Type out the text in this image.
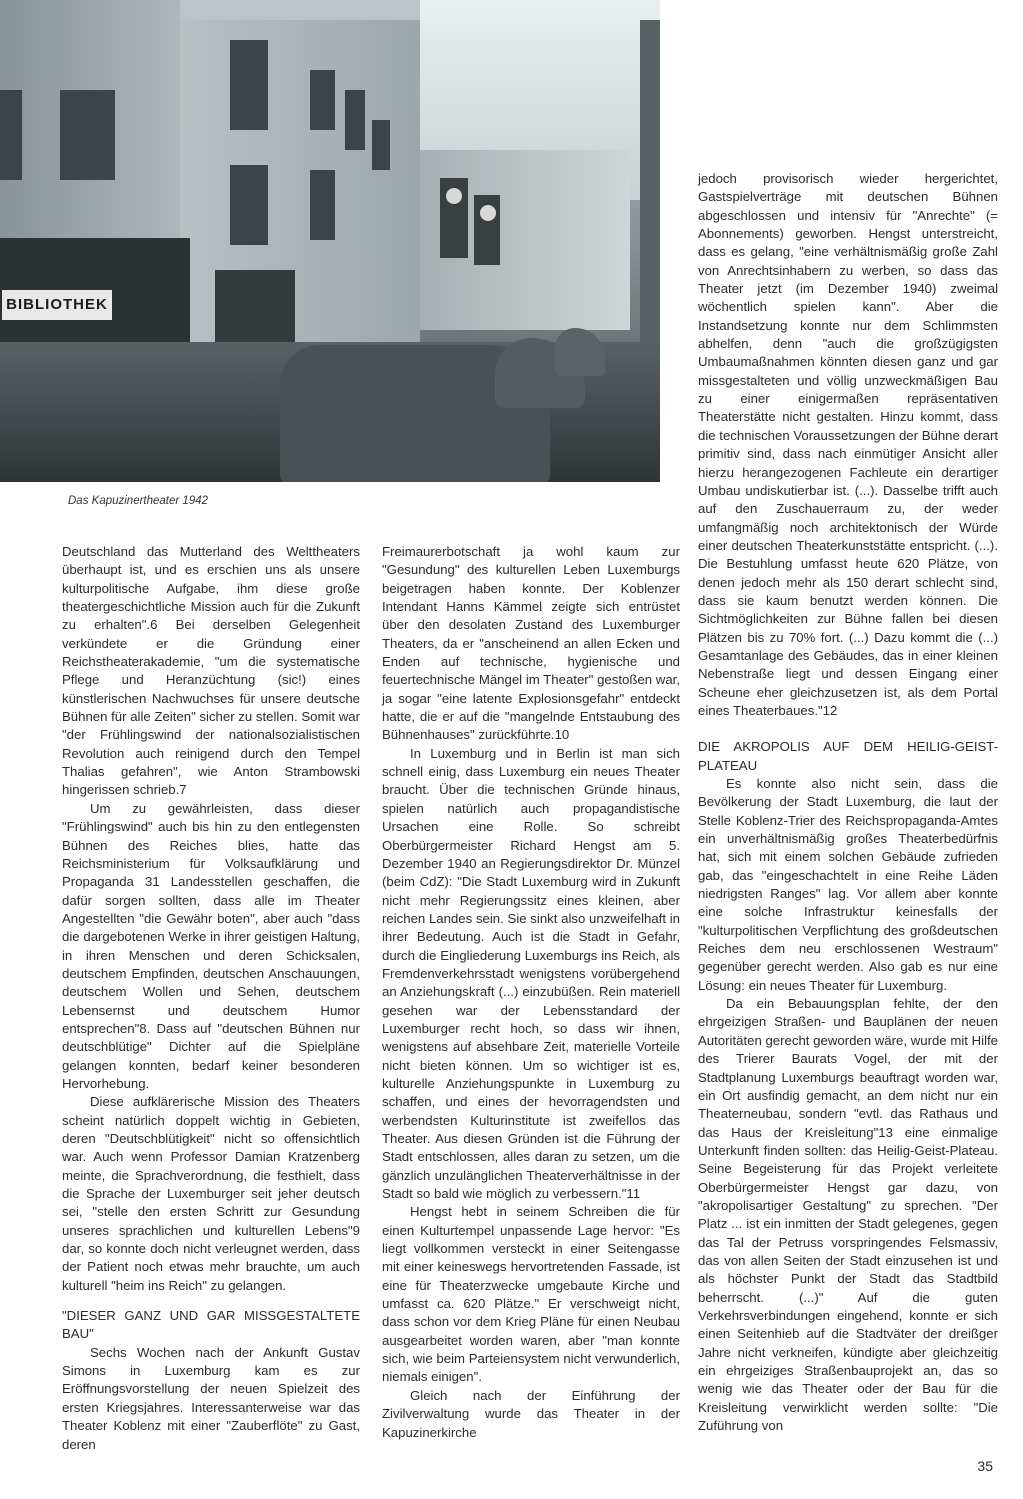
BIBLIOTHEK
Das Kapuzinertheater 1942

Deutschland das Mutterland des Welttheaters überhaupt ist, und es erschien uns als unsere kulturpolitische Aufgabe, ihm diese große theatergeschichtliche Mission auch für die Zukunft zu erhalten".6 Bei derselben Gelegenheit verkündete er die Gründung einer Reichstheaterakademie, "um die systematische Pflege und Heranzüchtung (sic!) eines künstlerischen Nachwuchses für unsere deutsche Bühnen für alle Zeiten" sicher zu stellen. Somit war "der Frühlingswind der nationalsozialistischen Revolution auch reinigend durch den Tempel Thalias gefahren", wie Anton Strambowski hingerissen schrieb.7

Um zu gewährleisten, dass dieser "Frühlingswind" auch bis hin zu den entlegensten Bühnen des Reiches blies, hatte das Reichsministerium für Volksaufklärung und Propaganda 31 Landesstellen geschaffen, die dafür sorgen sollten, dass alle im Theater Angestellten "die Gewähr boten", aber auch "dass die dargebotenen Werke in ihrer geistigen Haltung, in ihren Menschen und deren Schicksalen, deutschem Empfinden, deutschen Anschauungen, deutschem Wollen und Sehen, deutschem Lebensernst und deutschem Humor entsprechen"8. Dass auf "deutschen Bühnen nur deutschblütige" Dichter auf die Spielpläne gelangen konnten, bedarf keiner besonderen Hervorhebung.

Diese aufklärerische Mission des Theaters scheint natürlich doppelt wichtig in Gebieten, deren "Deutschblütigkeit" nicht so offensichtlich war. Auch wenn Professor Damian Kratzenberg meinte, die Sprachverordnung, die festhielt, dass die Sprache der Luxemburger seit jeher deutsch sei, "stelle den ersten Schritt zur Gesundung unseres sprachlichen und kulturellen Lebens"9 dar, so konnte doch nicht verleugnet werden, dass der Patient noch etwas mehr brauchte, um auch kulturell "heim ins Reich" zu gelangen.

"DIESER GANZ UND GAR MISSGESTALTETE BAU"

Sechs Wochen nach der Ankunft Gustav Simons in Luxemburg kam es zur Eröffnungsvorstellung der neuen Spielzeit des ersten Kriegsjahres. Interessanterweise war das Theater Koblenz mit einer "Zauberflöte" zu Gast, deren

Freimaurerbotschaft ja wohl kaum zur "Gesundung" des kulturellen Leben Luxemburgs beigetragen haben konnte. Der Koblenzer Intendant Hanns Kämmel zeigte sich entrüstet über den desolaten Zustand des Luxemburger Theaters, da er "anscheinend an allen Ecken und Enden auf technische, hygienische und feuertechnische Mängel im Theater" gestoßen war, ja sogar "eine latente Explosionsgefahr" entdeckt hatte, die er auf die "mangelnde Entstaubung des Bühnenhauses" zurückführte.10

In Luxemburg und in Berlin ist man sich schnell einig, dass Luxemburg ein neues Theater braucht. Über die technischen Gründe hinaus, spielen natürlich auch propagandistische Ursachen eine Rolle. So schreibt Oberbürgermeister Richard Hengst am 5. Dezember 1940 an Regierungsdirektor Dr. Münzel (beim CdZ): "Die Stadt Luxemburg wird in Zukunft nicht mehr Regierungssitz eines kleinen, aber reichen Landes sein. Sie sinkt also unzweifelhaft in ihrer Bedeutung. Auch ist die Stadt in Gefahr, durch die Eingliederung Luxemburgs ins Reich, als Fremdenverkehrsstadt wenigstens vorübergehend an Anziehungskraft (...) einzubüßen. Rein materiell gesehen war der Lebensstandard der Luxemburger recht hoch, so dass wir ihnen, wenigstens auf absehbare Zeit, materielle Vorteile nicht bieten können. Um so wichtiger ist es, kulturelle Anziehungspunkte in Luxemburg zu schaffen, und eines der hevorragendsten und werbendsten Kulturinstitute ist zweifellos das Theater. Aus diesen Gründen ist die Führung der Stadt entschlossen, alles daran zu setzen, um die gänzlich unzulänglichen Theaterverhältnisse in der Stadt so bald wie möglich zu verbessern."11

Hengst hebt in seinem Schreiben die für einen Kulturtempel unpassende Lage hervor: "Es liegt vollkommen versteckt in einer Seitengasse mit einer keineswegs hervortretenden Fassade, ist eine für Theaterzwecke umgebaute Kirche und umfasst ca. 620 Plätze." Er verschweigt nicht, dass schon vor dem Krieg Pläne für einen Neubau ausgearbeitet worden waren, aber "man konnte sich, wie beim Parteiensystem nicht verwunderlich, niemals einigen".

Gleich nach der Einführung der Zivilverwaltung wurde das Theater in der Kapuzinerkirche

jedoch provisorisch wieder hergerichtet, Gastspielverträge mit deutschen Bühnen abgeschlossen und intensiv für "Anrechte" (= Abonnements) geworben. Hengst unterstreicht, dass es gelang, "eine verhältnismäßig große Zahl von Anrechtsinhabern zu werben, so dass das Theater jetzt (im Dezember 1940) zweimal wöchentlich spielen kann". Aber die Instandsetzung konnte nur dem Schlimmsten abhelfen, denn "auch die großzügigsten Umbaumaßnahmen könnten diesen ganz und gar missgestalteten und völlig unzweckmäßigen Bau zu einer einigermaßen repräsentativen Theaterstätte nicht gestalten. Hinzu kommt, dass die technischen Voraussetzungen der Bühne derart primitiv sind, dass nach einmütiger Ansicht aller hierzu herangezogenen Fachleute ein derartiger Umbau undiskutierbar ist. (...). Dasselbe trifft auch auf den Zuschauerraum zu, der weder umfangmäßig noch architektonisch der Würde einer deutschen Theaterkunststätte entspricht. (...). Die Bestuhlung umfasst heute 620 Plätze, von denen jedoch mehr als 150 derart schlecht sind, dass sie kaum benutzt werden können. Die Sichtmöglichkeiten zur Bühne fallen bei diesen Plätzen bis zu 70% fort. (...) Dazu kommt die (...) Gesamtanlage des Gebäudes, das in einer kleinen Nebenstraße liegt und dessen Eingang einer Scheune eher gleichzusetzen ist, als dem Portal eines Theaterbaues."12

DIE AKROPOLIS AUF DEM HEILIG-GEIST-PLATEAU

Es konnte also nicht sein, dass die Bevölkerung der Stadt Luxemburg, die laut der Stelle Koblenz-Trier des Reichspropaganda-Amtes ein unverhältnismäßig großes Theaterbedürfnis hat, sich mit einem solchen Gebäude zufrieden gab, das "eingeschachtelt in eine Reihe Läden niedrigsten Ranges" lag. Vor allem aber konnte eine solche Infrastruktur keinesfalls der "kulturpolitischen Verpflichtung des großdeutschen Reiches dem neu erschlossenen Westraum" gegenüber gerecht werden. Also gab es nur eine Lösung: ein neues Theater für Luxemburg.

Da ein Bebauungsplan fehlte, der den ehrgeizigen Straßen- und Bauplänen der neuen Autoritäten gerecht geworden wäre, wurde mit Hilfe des Trierer Baurats Vogel, der mit der Stadtplanung Luxemburgs beauftragt worden war, ein Ort ausfindig gemacht, an dem nicht nur ein Theaterneubau, sondern "evtl. das Rathaus und das Haus der Kreisleitung"13 eine einmalige Unterkunft finden sollten: das Heilig-Geist-Plateau. Seine Begeisterung für das Projekt verleitete Oberbürgermeister Hengst gar dazu, von "akropolisartiger Gestaltung" zu sprechen. "Der Platz ... ist ein inmitten der Stadt gelegenes, gegen das Tal der Petruss vorspringendes Felsmassiv, das von allen Seiten der Stadt einzusehen ist und als höchster Punkt der Stadt das Stadtbild beherrscht. (...)" Auf die guten Verkehrsverbindungen eingehend, konnte er sich einen Seitenhieb auf die Stadtväter der dreißger Jahre nicht verkneifen, kündigte aber gleichzeitig ein ehrgeiziges Straßenbauprojekt an, das so wenig wie das Theater oder der Bau für die Kreisleitung verwirklicht werden sollte: "Die Zuführung von

35
